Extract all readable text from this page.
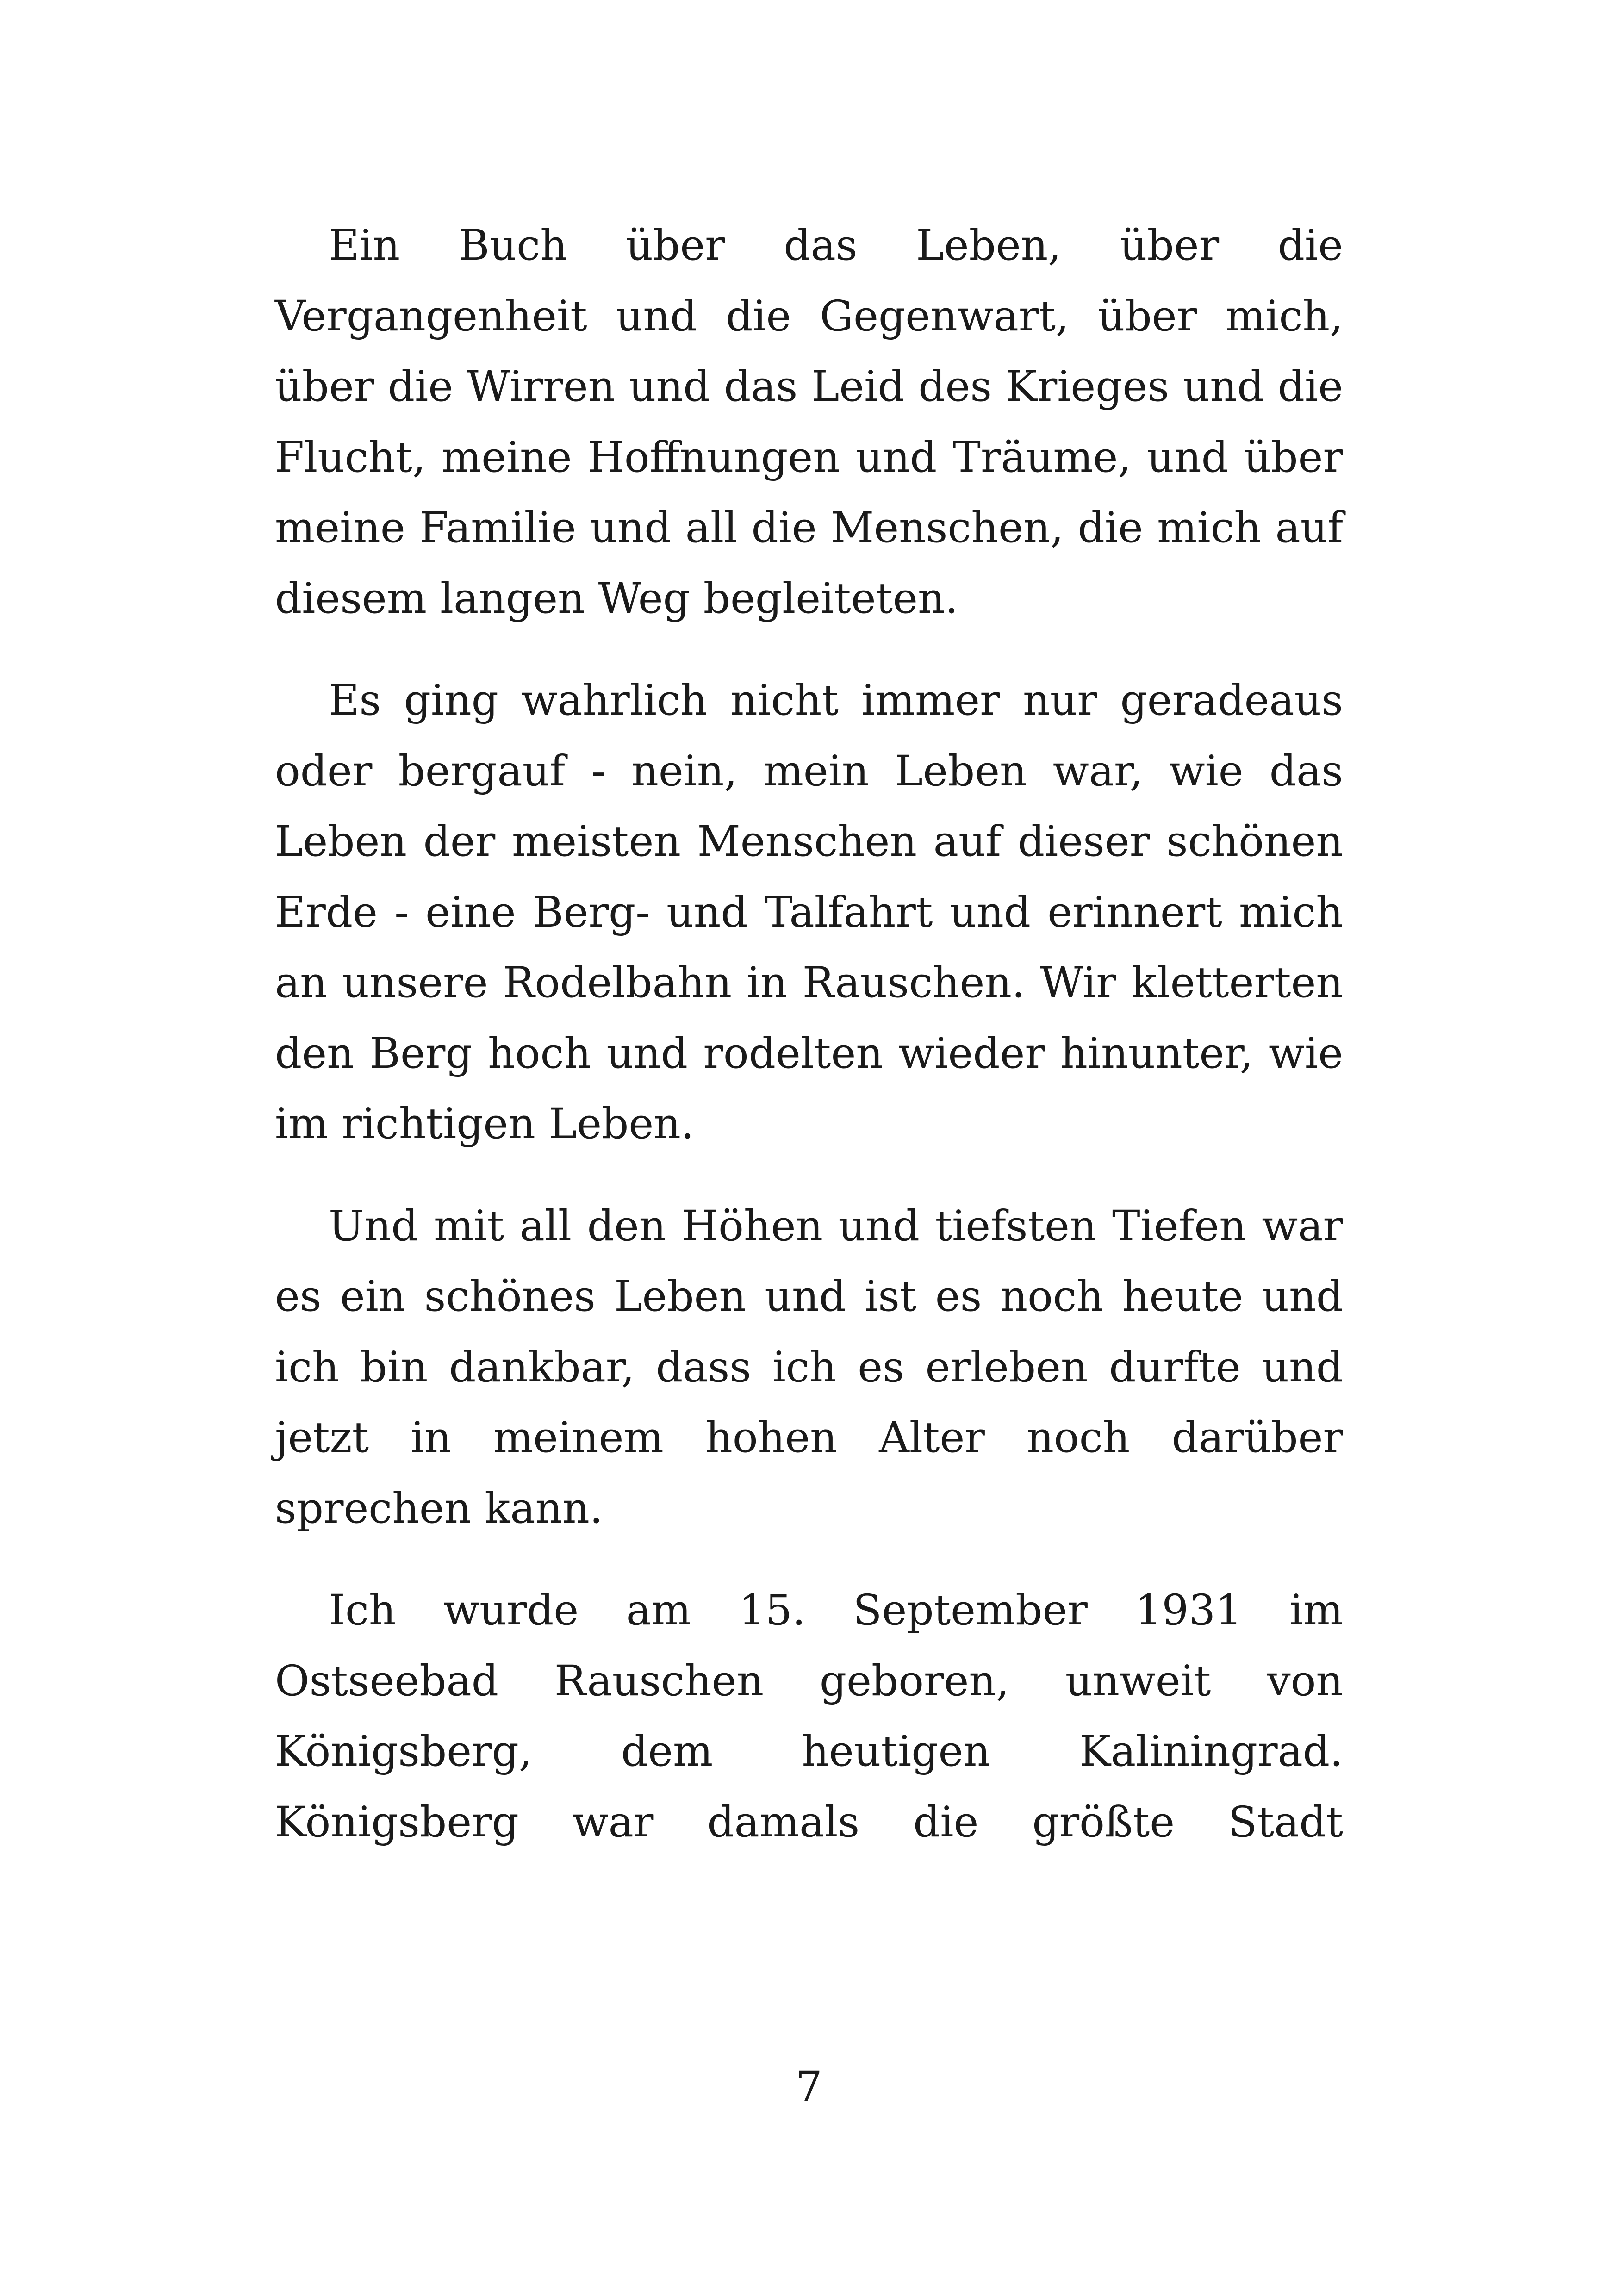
Ein Buch über das Leben, über die Vergangenheit und die Gegenwart, über mich, über die Wirren und das Leid des Krieges und die Flucht, meine Hoffnungen und Träume, und über meine Familie und all die Menschen, die mich auf diesem langen Weg begleiteten.

Es ging wahrlich nicht immer nur geradeaus oder bergauf - nein, mein Leben war, wie das Leben der meisten Menschen auf dieser schönen Erde - eine Berg- und Talfahrt und erinnert mich an unsere Rodelbahn in Rauschen. Wir kletterten den Berg hoch und rodelten wieder hinunter, wie im richtigen Leben.

Und mit all den Höhen und tiefsten Tiefen war es ein schönes Leben und ist es noch heute und ich bin dankbar, dass ich es erleben durfte und jetzt in meinem hohen Alter noch darüber sprechen kann.

Ich wurde am 15. September 1931 im Ostseebad Rauschen geboren, unweit von Königsberg, dem heutigen Kaliningrad. Königsberg war damals die größte Stadt

7
